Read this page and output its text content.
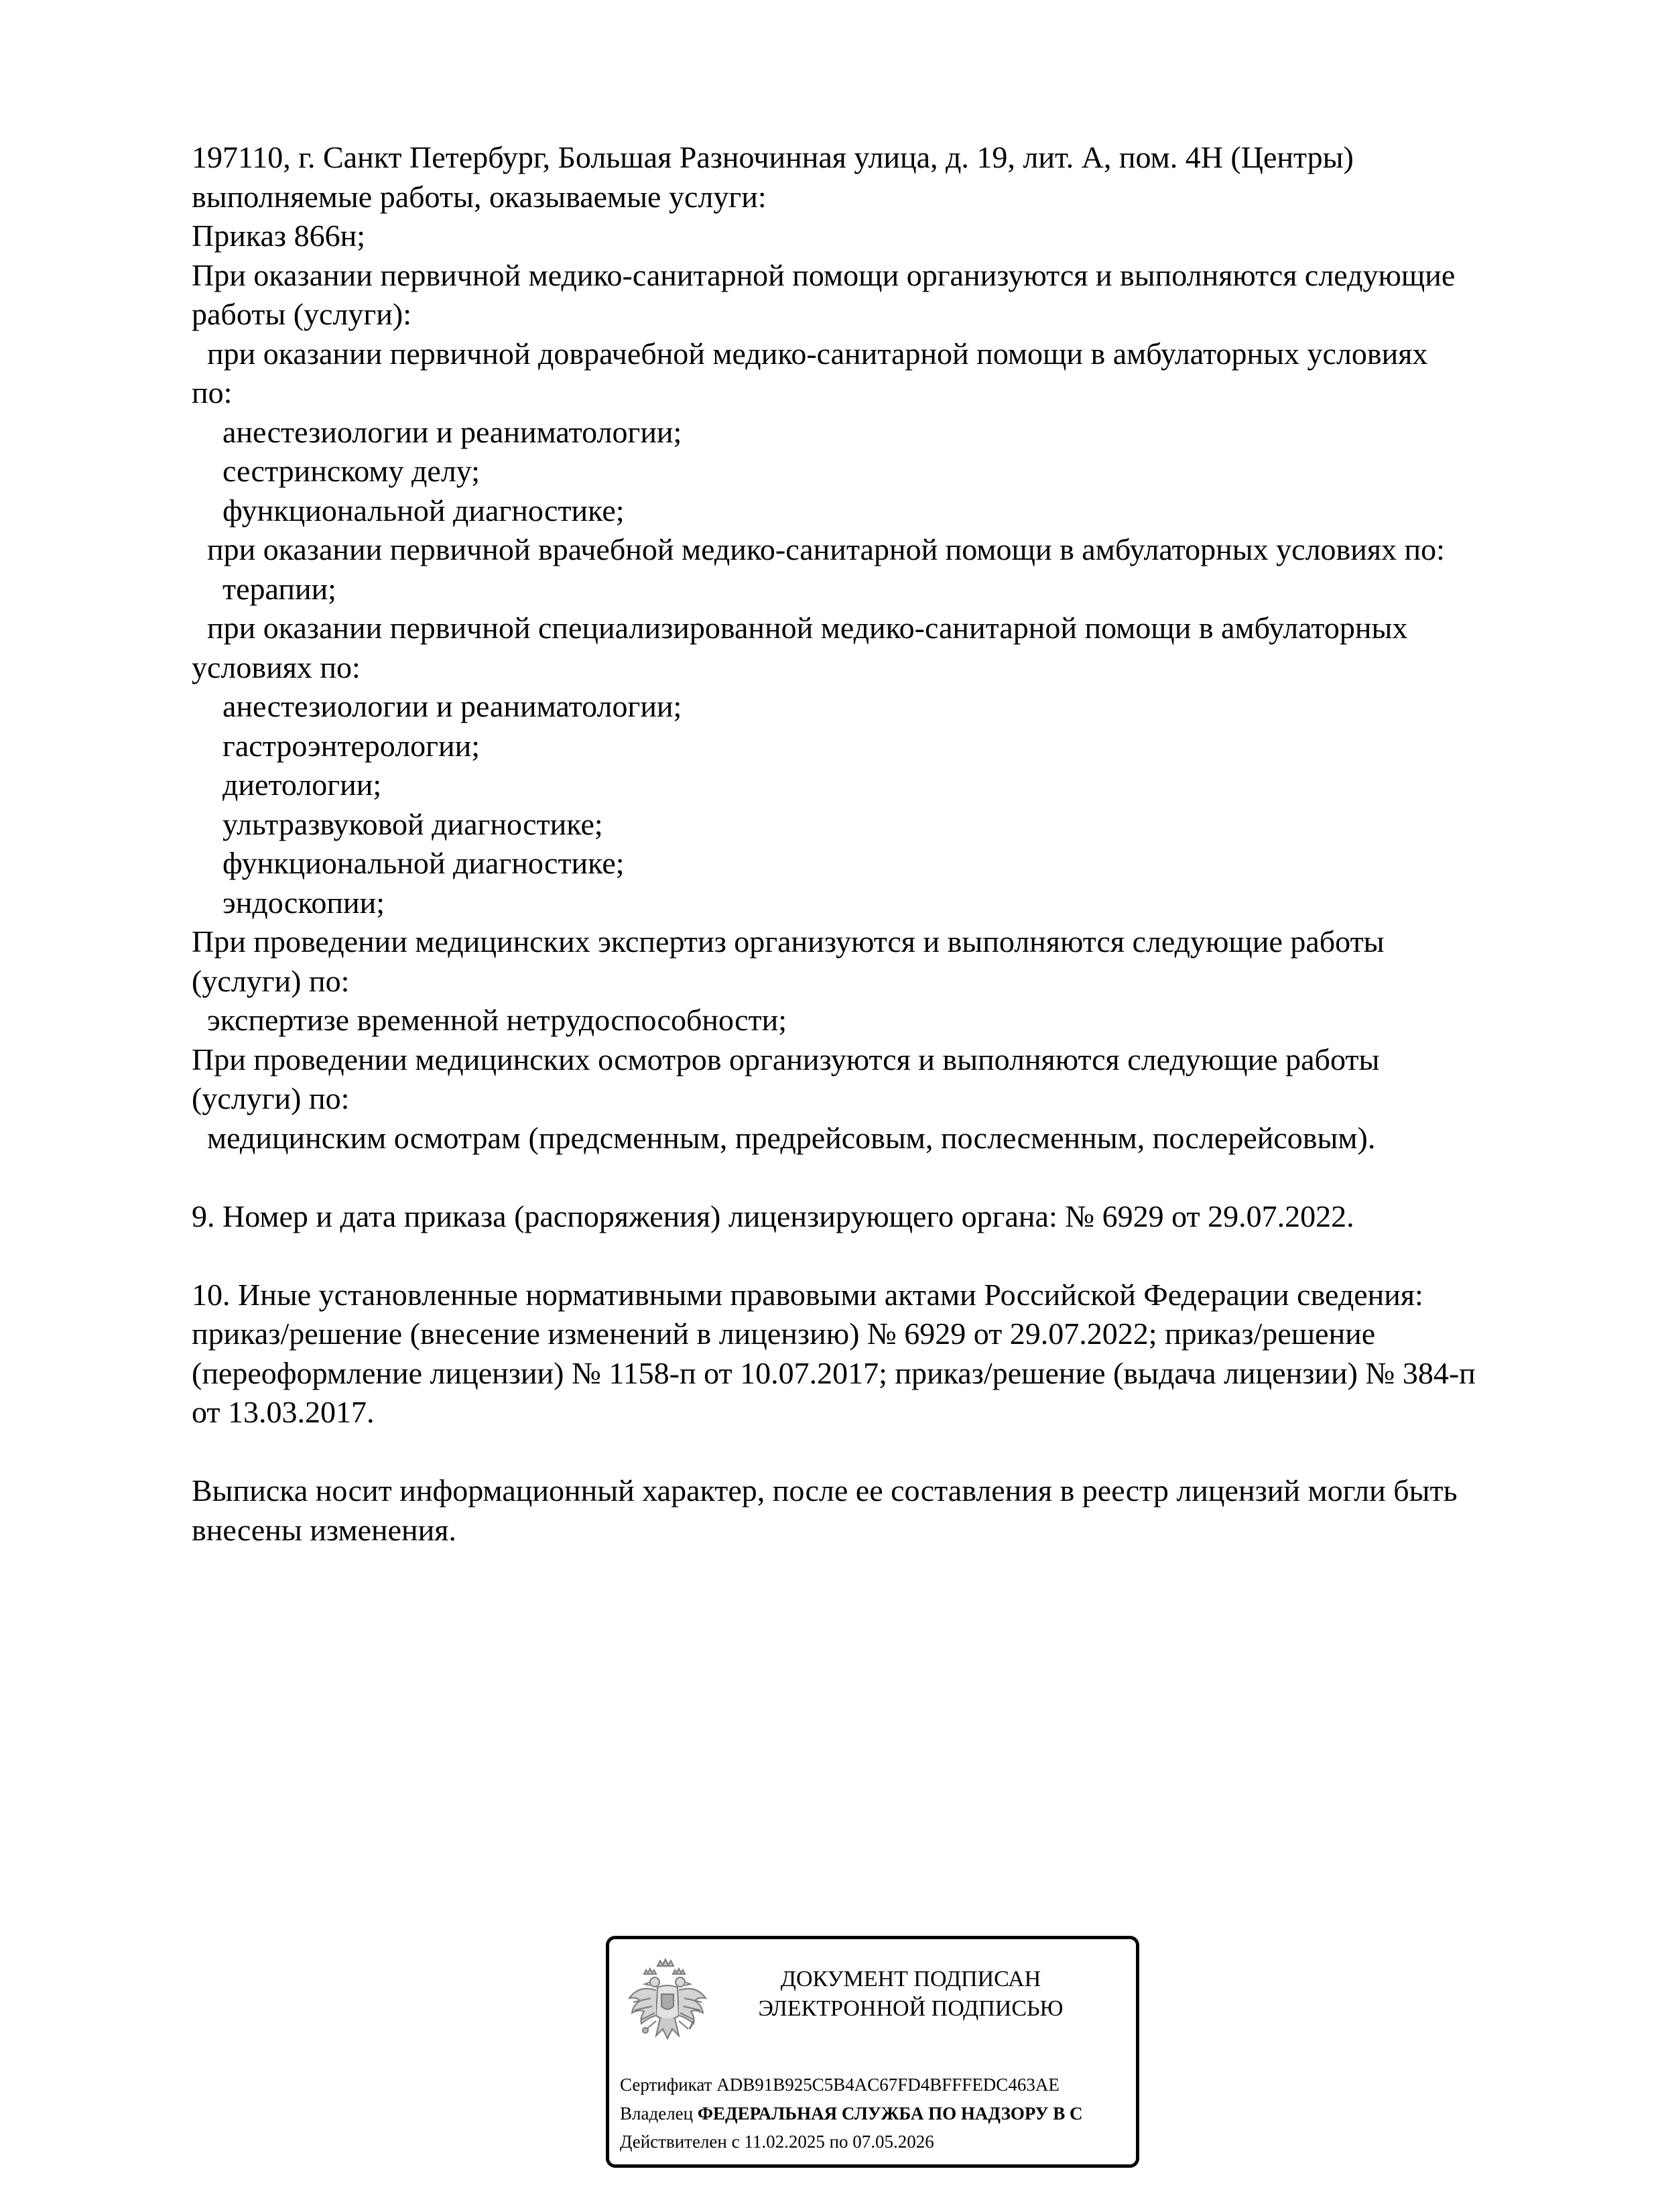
197110, г. Санкт Петербург, Большая Разночинная улица, д. 19, лит. А, пом. 4Н (Центры)
выполняемые работы, оказываемые услуги:
Приказ 866н;
При оказании первичной медико-санитарной помощи организуются и выполняются следующие
работы (услуги):
при оказании первичной доврачебной медико-санитарной помощи в амбулаторных условиях
по:
анестезиологии и реаниматологии;
сестринскому делу;
функциональной диагностике;
при оказании первичной врачебной медико-санитарной помощи в амбулаторных условиях по:
терапии;
при оказании первичной специализированной медико-санитарной помощи в амбулаторных
условиях по:
анестезиологии и реаниматологии;
гастроэнтерологии;
диетологии;
ультразвуковой диагностике;
функциональной диагностике;
эндоскопии;
При проведении медицинских экспертиз организуются и выполняются следующие работы
(услуги) по:
экспертизе временной нетрудоспособности;
При проведении медицинских осмотров организуются и выполняются следующие работы
(услуги) по:
медицинским осмотрам (предсменным, предрейсовым, послесменным, послерейсовым).
9. Номер и дата приказа (распоряжения) лицензирующего органа: № 6929 от 29.07.2022.
10. Иные установленные нормативными правовыми актами Российской Федерации сведения:
приказ/решение (внесение изменений в лицензию) № 6929 от 29.07.2022; приказ/решение
(переоформление лицензии) № 1158-п от 10.07.2017; приказ/решение (выдача лицензии) № 384-п
от 13.03.2017.
Выписка носит информационный характер, после ее составления в реестр лицензий могли быть
внесены изменения.
ДОКУМЕНТ ПОДПИСАН
ЭЛЕКТРОННОЙ ПОДПИСЬЮ
Сертификат ADB91B925C5B4AC67FD4BFFFEDC463AE
Владелец ФЕДЕРАЛЬНАЯ СЛУЖБА ПО НАДЗОРУ В С
Действителен с 11.02.2025 по 07.05.2026
